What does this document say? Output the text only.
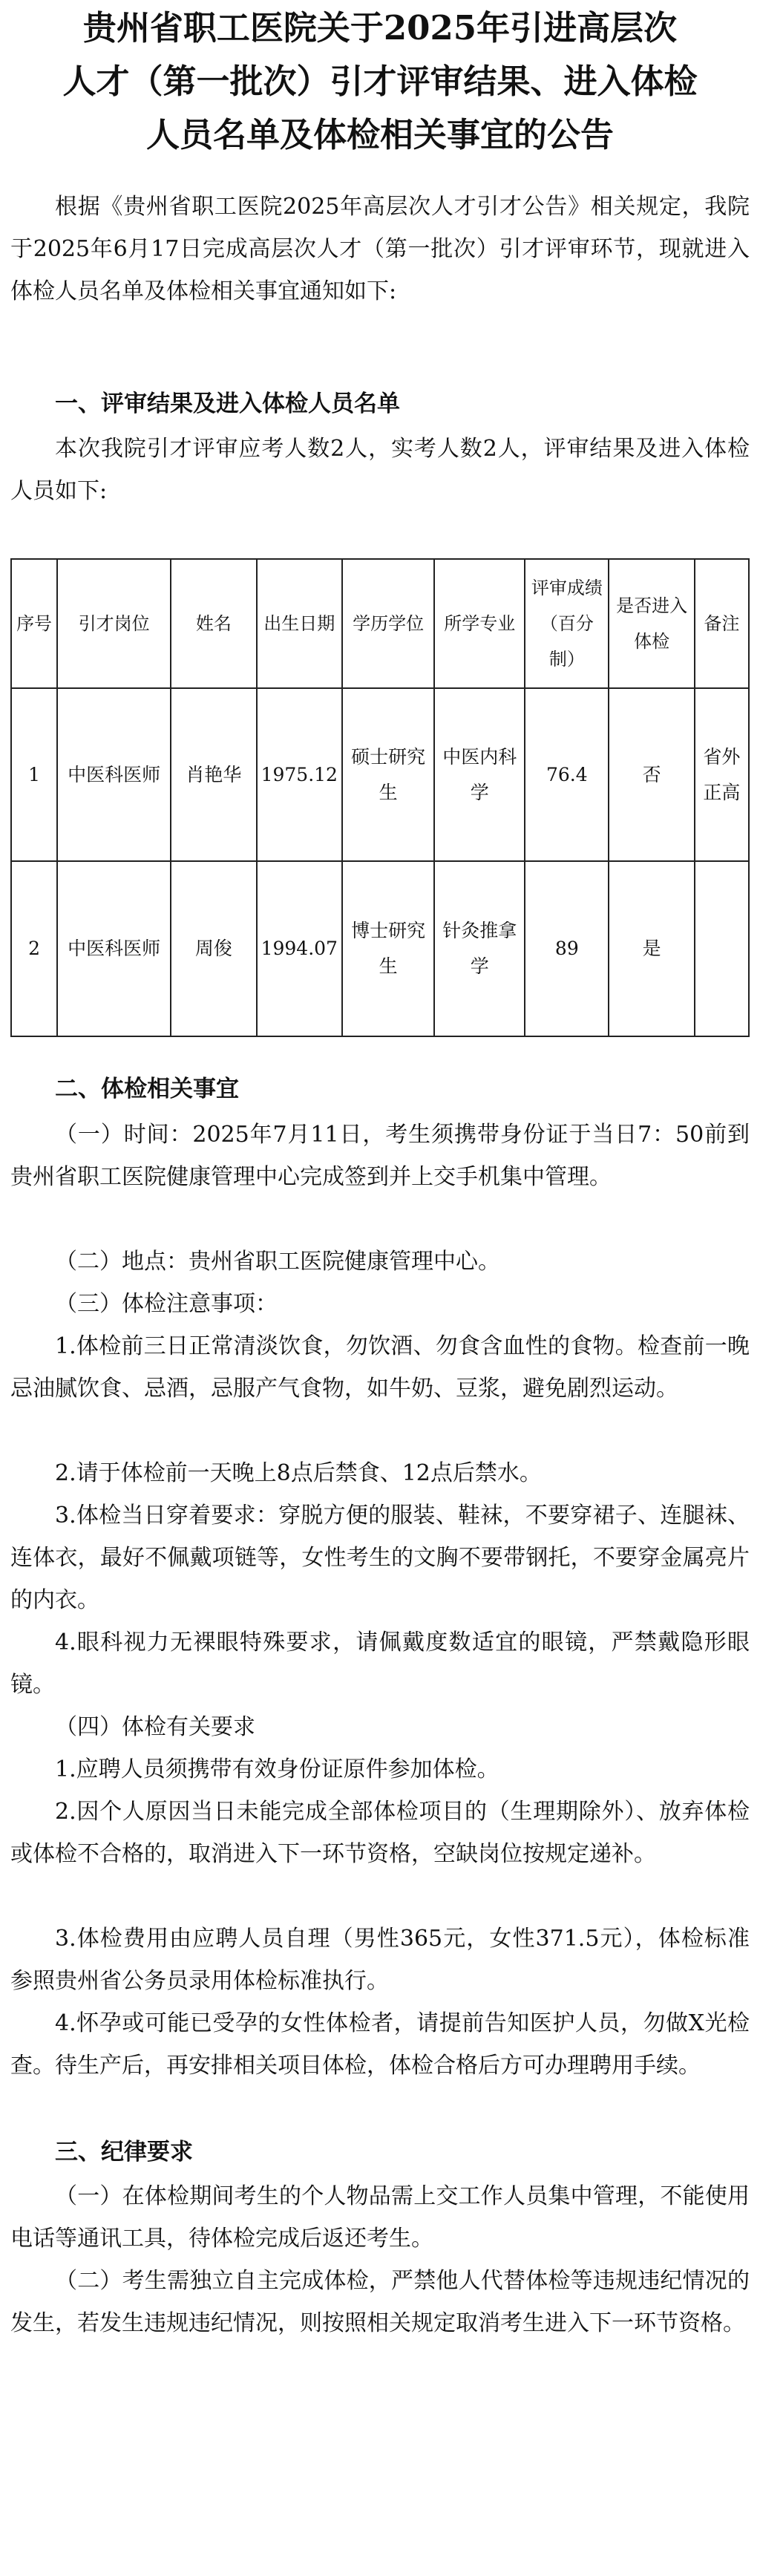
贵州省职工医院关于2025年引进高层次
人才（第一批次）引才评审结果、进入体检
人员名单及体检相关事宜的公告

根据《贵州省职工医院2025年高层次人才引才公告》相关规定，我院于2025年6月17日完成高层次人才（第一批次）引才评审环节，现就进入体检人员名单及体检相关事宜通知如下:

一、评审结果及进入体检人员名单

本次我院引才评审应考人数2人，实考人数2人，评审结果及进入体检人员如下:

序号	引才岗位	姓名	出生日期	学历学位	所学专业	评审成绩（百分制）	是否进入体检	备注
1	中医科医师	肖艳华	1975.12	硕士研究生	中医内科学	76.4	否	省外正高
2	中医科医师	周俊	1994.07	博士研究生	针灸推拿学	89	是	

二、体检相关事宜

（一）时间：2025年7月11日，考生须携带身份证于当日7：50前到贵州省职工医院健康管理中心完成签到并上交手机集中管理。

（二）地点：贵州省职工医院健康管理中心。

（三）体检注意事项：

1.体检前三日正常清淡饮食，勿饮酒、勿食含血性的食物。检查前一晚忌油腻饮食、忌酒，忌服产气食物，如牛奶、豆浆，避免剧烈运动。

2.请于体检前一天晚上8点后禁食、12点后禁水。

3.体检当日穿着要求：穿脱方便的服装、鞋袜，不要穿裙子、连腿袜、连体衣，最好不佩戴项链等，女性考生的文胸不要带钢托，不要穿金属亮片的内衣。

4.眼科视力无裸眼特殊要求，请佩戴度数适宜的眼镜，严禁戴隐形眼镜。

（四）体检有关要求

1.应聘人员须携带有效身份证原件参加体检。

2.因个人原因当日未能完成全部体检项目的（生理期除外）、放弃体检或体检不合格的，取消进入下一环节资格，空缺岗位按规定递补。

3.体检费用由应聘人员自理（男性365元，女性371.5元），体检标准参照贵州省公务员录用体检标准执行。

4.怀孕或可能已受孕的女性体检者，请提前告知医护人员，勿做X光检查。待生产后，再安排相关项目体检，体检合格后方可办理聘用手续。

三、纪律要求

（一）在体检期间考生的个人物品需上交工作人员集中管理，不能使用电话等通讯工具，待体检完成后返还考生。

（二）考生需独立自主完成体检，严禁他人代替体检等违规违纪情况的发生，若发生违规违纪情况，则按照相关规定取消考生进入下一环节资格。
